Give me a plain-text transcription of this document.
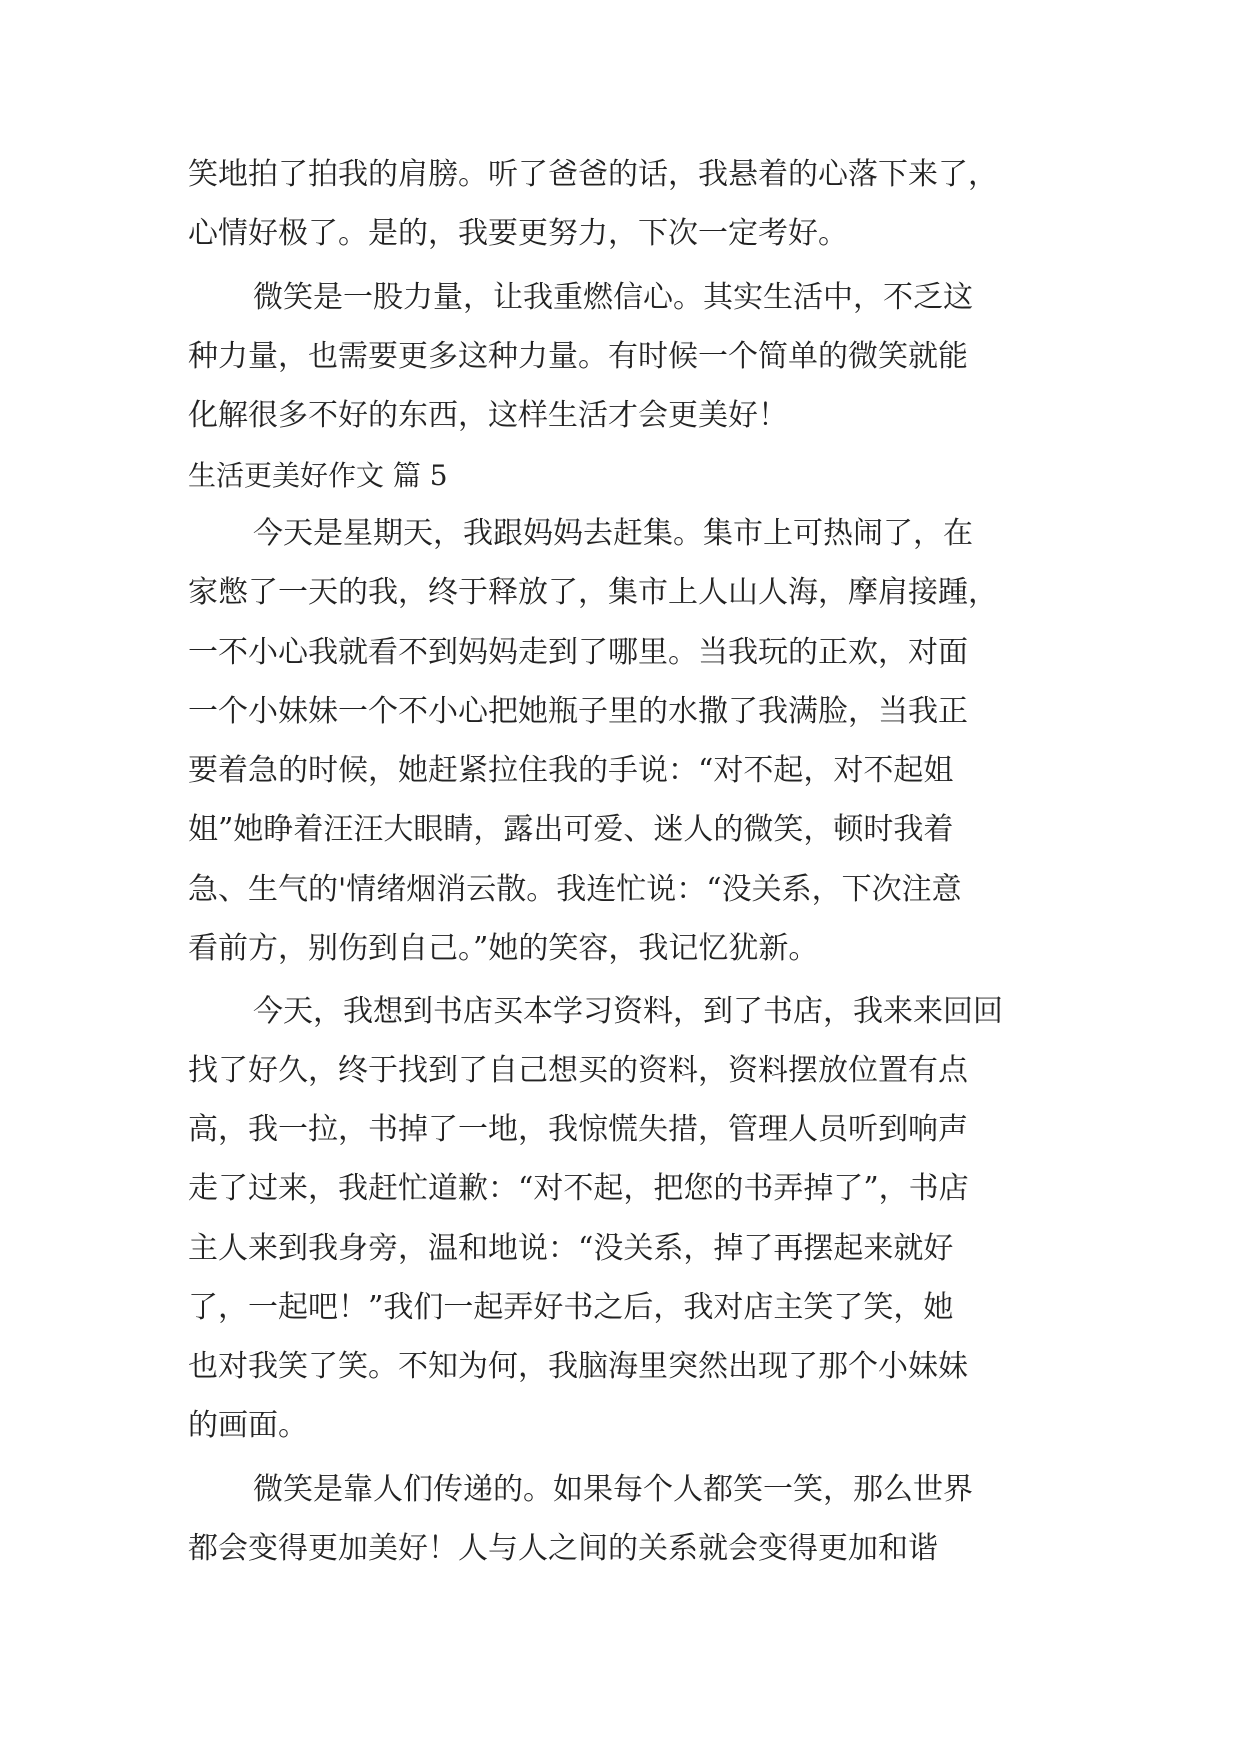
笑地拍了拍我的肩膀。听了爸爸的话，我悬着的心落下来了，
心情好极了。是的，我要更努力，下次一定考好。
微笑是一股力量，让我重燃信心。其实生活中，不乏这
种力量，也需要更多这种力量。有时候一个简单的微笑就能
化解很多不好的东西，这样生活才会更美好！
生活更美好作文 篇 5
今天是星期天，我跟妈妈去赶集。集市上可热闹了，在
家憋了一天的我，终于释放了，集市上人山人海，摩肩接踵，
一不小心我就看不到妈妈走到了哪里。当我玩的正欢，对面
一个小妹妹一个不小心把她瓶子里的水撒了我满脸，当我正
要着急的时候，她赶紧拉住我的手说：“对不起，对不起姐
姐”她睁着汪汪大眼睛，露出可爱、迷人的微笑，顿时我着
急、生气的'情绪烟消云散。我连忙说：“没关系，下次注意
看前方，别伤到自己。”她的笑容，我记忆犹新。
今天，我想到书店买本学习资料，到了书店，我来来回回
找了好久，终于找到了自己想买的资料，资料摆放位置有点
高，我一拉，书掉了一地，我惊慌失措，管理人员听到响声
走了过来，我赶忙道歉：“对不起，把您的书弄掉了”，书店
主人来到我身旁，温和地说：“没关系，掉了再摆起来就好
了，一起吧！”我们一起弄好书之后，我对店主笑了笑，她
也对我笑了笑。不知为何，我脑海里突然出现了那个小妹妹
的画面。
微笑是靠人们传递的。如果每个人都笑一笑，那么世界
都会变得更加美好！人与人之间的关系就会变得更加和谐
